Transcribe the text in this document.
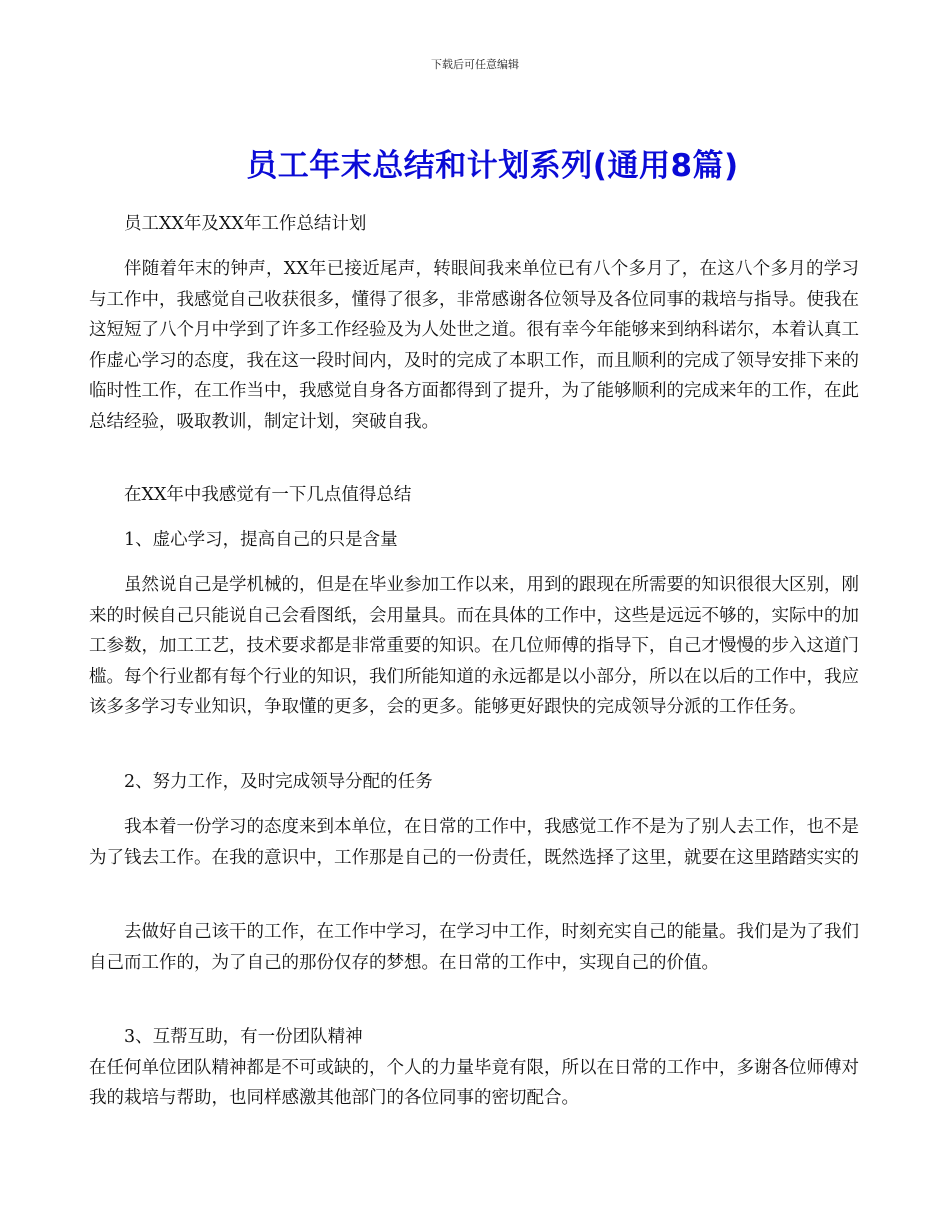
下载后可任意编辑
员工年末总结和计划系列(通用8篇)

员工XX年及XX年工作总结计划

伴随着年末的钟声，XX年已接近尾声，转眼间我来单位已有八个多月了，在这八个多月的学习与工作中，我感觉自己收获很多，懂得了很多，非常感谢各位领导及各位同事的栽培与指导。使我在这短短了八个月中学到了许多工作经验及为人处世之道。很有幸今年能够来到纳科诺尔，本着认真工作虚心学习的态度，我在这一段时间内，及时的完成了本职工作，而且顺利的完成了领导安排下来的临时性工作，在工作当中，我感觉自身各方面都得到了提升，为了能够顺利的完成来年的工作，在此总结经验，吸取教训，制定计划，突破自我。

在XX年中我感觉有一下几点值得总结

1、虚心学习，提高自己的只是含量

虽然说自己是学机械的，但是在毕业参加工作以来，用到的跟现在所需要的知识很很大区别，刚来的时候自己只能说自己会看图纸，会用量具。而在具体的工作中，这些是远远不够的，实际中的加工参数，加工工艺，技术要求都是非常重要的知识。在几位师傅的指导下，自己才慢慢的步入这道门槛。每个行业都有每个行业的知识，我们所能知道的永远都是以小部分，所以在以后的工作中，我应该多多学习专业知识，争取懂的更多，会的更多。能够更好跟快的完成领导分派的工作任务。

2、努力工作，及时完成领导分配的任务

我本着一份学习的态度来到本单位，在日常的工作中，我感觉工作不是为了别人去工作，也不是为了钱去工作。在我的意识中，工作那是自己的一份责任，既然选择了这里，就要在这里踏踏实实的

去做好自己该干的工作，在工作中学习，在学习中工作，时刻充实自己的能量。我们是为了我们自己而工作的，为了自己的那份仅存的梦想。在日常的工作中，实现自己的价值。

3、互帮互助，有一份团队精神

在任何单位团队精神都是不可或缺的，个人的力量毕竟有限，所以在日常的工作中，多谢各位师傅对我的栽培与帮助，也同样感激其他部门的各位同事的密切配合。
